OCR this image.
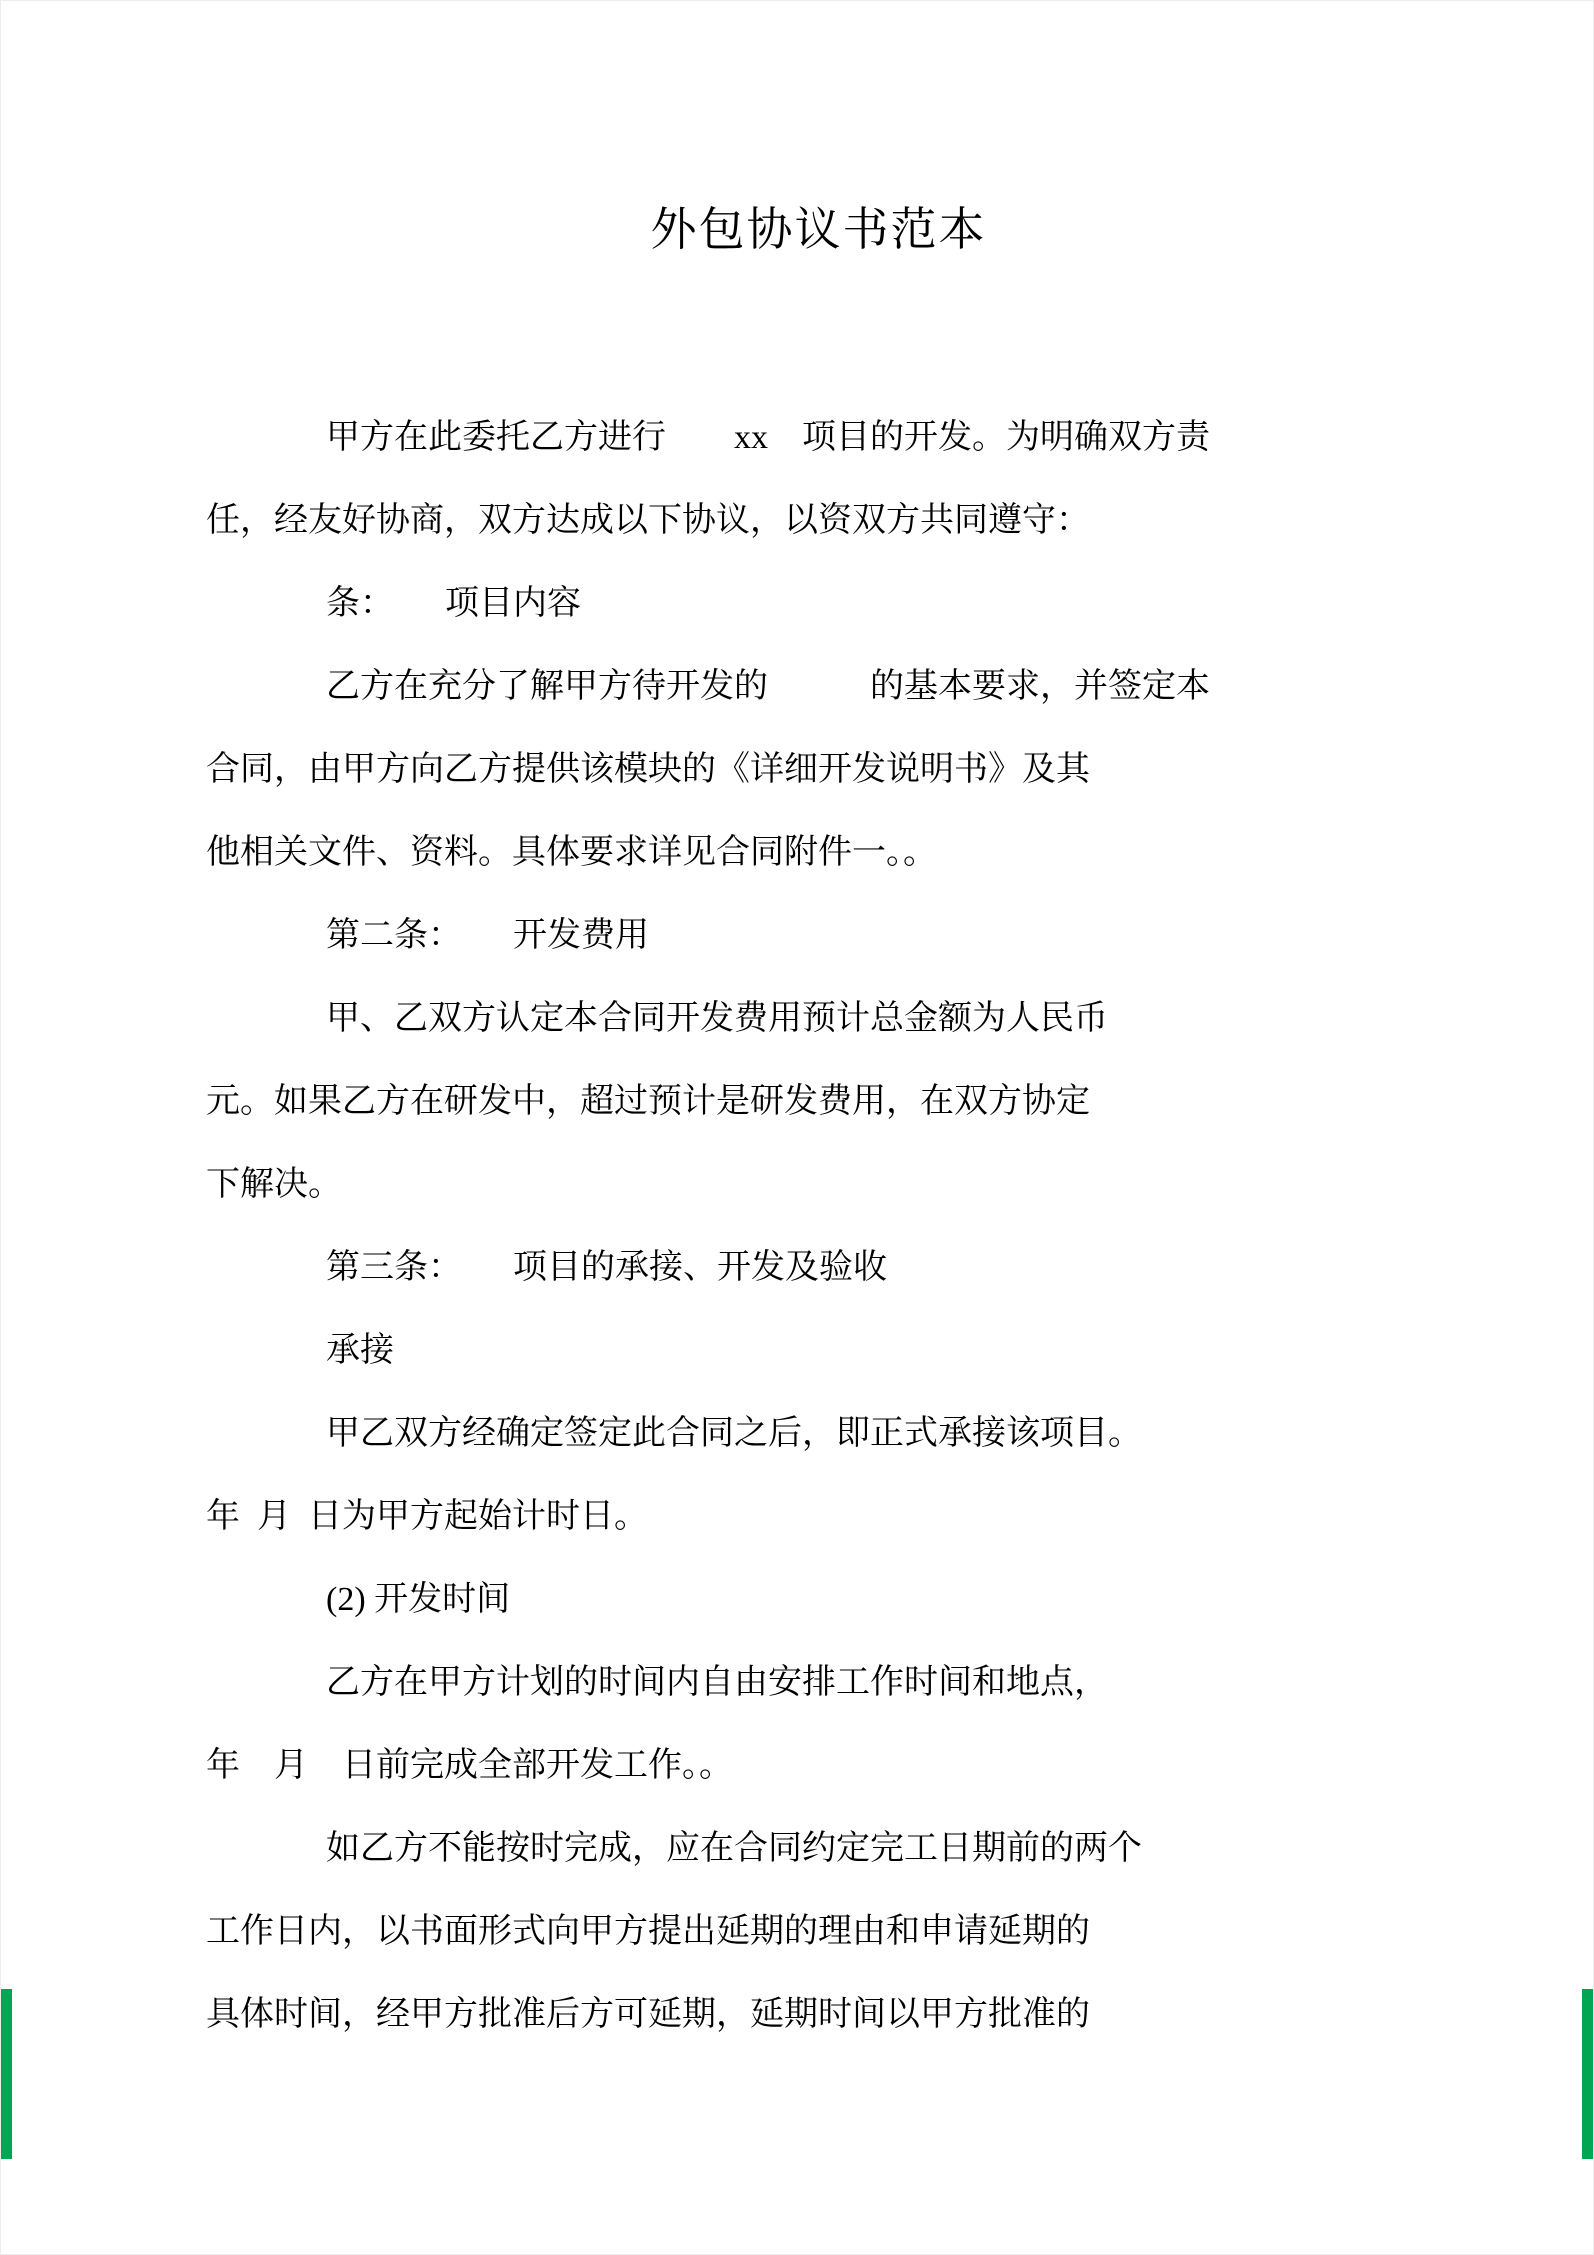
外包协议书范本
甲方在此委托乙方进行　　xx　项目的开发。为明确双方责
任，经友好协商，双方达成以下协议，以资双方共同遵守：
条：　　项目内容
乙方在充分了解甲方待开发的　　　的基本要求，并签定本
合同，由甲方向乙方提供该模块的《详细开发说明书》及其
他相关文件、资料。具体要求详见合同附件一。。
第二条：　　开发费用
甲、乙双方认定本合同开发费用预计总金额为人民币
元。如果乙方在研发中，超过预计是研发费用，在双方协定
下解决。
第三条：　　项目的承接、开发及验收
承接
甲乙双方经确定签定此合同之后，即正式承接该项目。
年  月  日为甲方起始计时日。
(2) 开发时间
乙方在甲方计划的时间内自由安排工作时间和地点，
年　月　日前完成全部开发工作。。
如乙方不能按时完成，应在合同约定完工日期前的两个
工作日内，以书面形式向甲方提出延期的理由和申请延期的
具体时间，经甲方批准后方可延期，延期时间以甲方批准的
